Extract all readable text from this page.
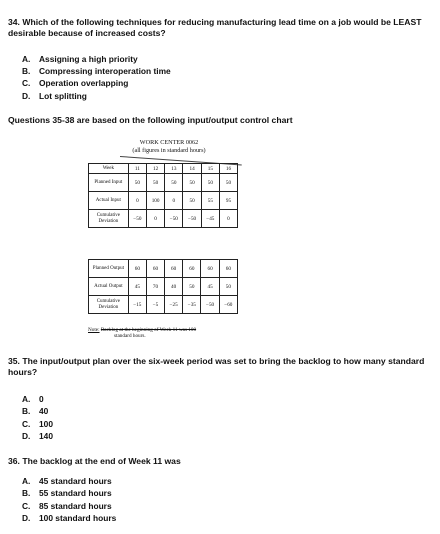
34. Which of the following techniques for reducing manufacturing lead time on a job would be LEAST desirable because of increased costs?
A. Assigning a high priority
B. Compressing interoperation time
C. Operation overlapping
D. Lot splitting
Questions 35-38 are based on the following input/output control chart
WORK CENTER 0062
(all figures in standard hours)
Week	11	12	13	14	15	16
Planned Input	50	50	50	50	50	50
Actual Input	0	100	0	50	55	95
Cumulative Deviation	−50	0	−50	−50	−45	0
Planned Output	60	60	60	60	60	60
Actual Output	45	70	40	50	45	50
Cumulative Deviation	−15	−5	−25	−35	−50	−60
Note: Backlog at the beginning of Week 11 was 100
standard hours.
35. The input/output plan over the six-week period was set to bring the backlog to how many standard hours?
A. 0
B. 40
C. 100
D. 140
36. The backlog at the end of Week 11 was
A. 45 standard hours
B. 55 standard hours
C. 85 standard hours
D. 100 standard hours
